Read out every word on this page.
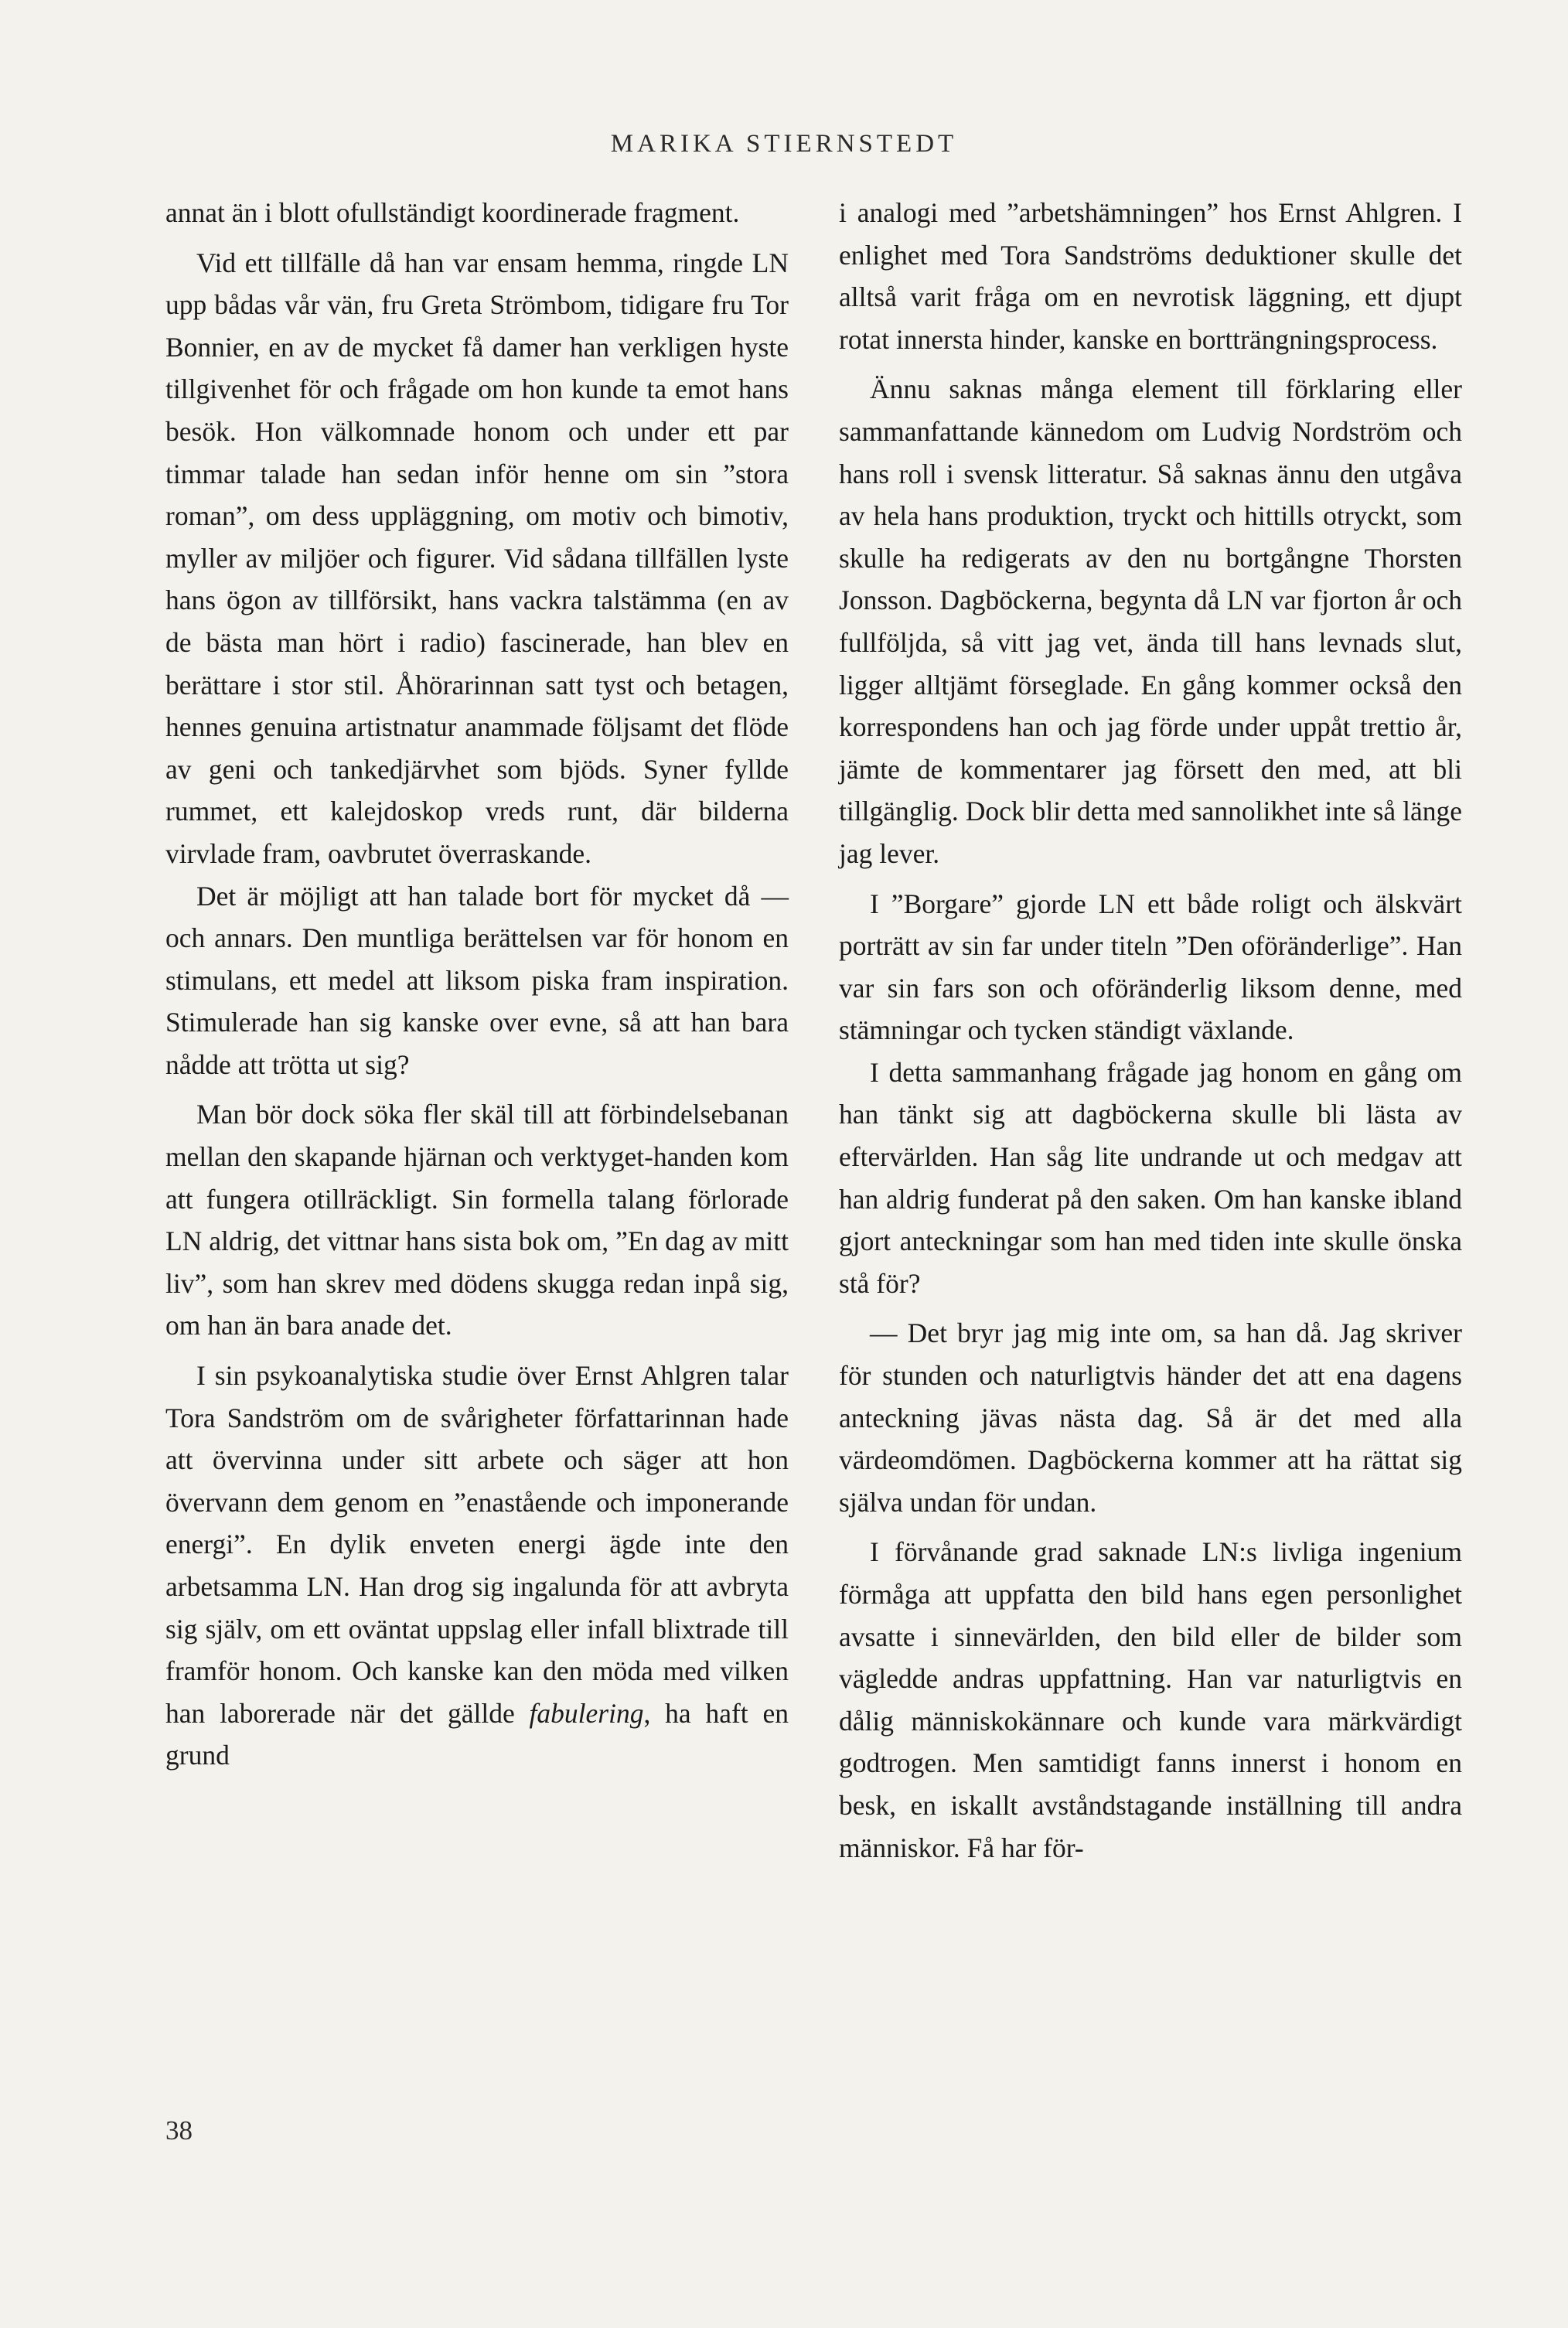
MARIKA STIERNSTEDT

annat än i blott ofullständigt koordinerade fragment.

Vid ett tillfälle då han var ensam hemma, ringde LN upp bådas vår vän, fru Greta Strömbom, tidigare fru Tor Bonnier, en av de mycket få damer han verkligen hyste tillgivenhet för och frågade om hon kunde ta emot hans besök. Hon välkomnade honom och under ett par timmar talade han sedan inför henne om sin ”stora roman”, om dess uppläggning, om motiv och bimotiv, myller av miljöer och figurer. Vid sådana tillfällen lyste hans ögon av tillförsikt, hans vackra talstämma (en av de bästa man hört i radio) fascinerade, han blev en berättare i stor stil. Åhörarinnan satt tyst och betagen, hennes genuina artistnatur anammade följsamt det flöde av geni och tankedjärvhet som bjöds. Syner fyllde rummet, ett kalejdoskop vreds runt, där bilderna virvlade fram, oavbrutet överraskande.

Det är möjligt att han talade bort för mycket då — och annars. Den muntliga berättelsen var för honom en stimulans, ett medel att liksom piska fram inspiration. Stimulerade han sig kanske over evne, så att han bara nådde att trötta ut sig?

Man bör dock söka fler skäl till att förbindelsebanan mellan den skapande hjärnan och verktyget-handen kom att fungera otillräckligt. Sin formella talang förlorade LN aldrig, det vittnar hans sista bok om, ”En dag av mitt liv”, som han skrev med dödens skugga redan inpå sig, om han än bara anade det.

I sin psykoanalytiska studie över Ernst Ahlgren talar Tora Sandström om de svårigheter författarinnan hade att övervinna under sitt arbete och säger att hon övervann dem genom en ”enastående och imponerande energi”. En dylik enveten energi ägde inte den arbetsamma LN. Han drog sig ingalunda för att avbryta sig själv, om ett oväntat uppslag eller infall blixtrade till framför honom. Och kanske kan den möda med vilken han laborerade när det gällde fabulering, ha haft en grund

i analogi med ”arbetshämningen” hos Ernst Ahlgren. I enlighet med Tora Sandströms deduktioner skulle det alltså varit fråga om en nevrotisk läggning, ett djupt rotat innersta hinder, kanske en bortträngningsprocess.

Ännu saknas många element till förklaring eller sammanfattande kännedom om Ludvig Nordström och hans roll i svensk litteratur. Så saknas ännu den utgåva av hela hans produktion, tryckt och hittills otryckt, som skulle ha redigerats av den nu bortgångne Thorsten Jonsson. Dagböckerna, begynta då LN var fjorton år och fullföljda, så vitt jag vet, ända till hans levnads slut, ligger alltjämt förseglade. En gång kommer också den korrespondens han och jag förde under uppåt trettio år, jämte de kommentarer jag försett den med, att bli tillgänglig. Dock blir detta med sannolikhet inte så länge jag lever.

I ”Borgare” gjorde LN ett både roligt och älskvärt porträtt av sin far under titeln ”Den oföränderlige”. Han var sin fars son och oföränderlig liksom denne, med stämningar och tycken ständigt växlande.

I detta sammanhang frågade jag honom en gång om han tänkt sig att dagböckerna skulle bli lästa av eftervärlden. Han såg lite undrande ut och medgav att han aldrig funderat på den saken. Om han kanske ibland gjort anteckningar som han med tiden inte skulle önska stå för?

— Det bryr jag mig inte om, sa han då. Jag skriver för stunden och naturligtvis händer det att ena dagens anteckning jävas nästa dag. Så är det med alla värdeomdömen. Dagböckerna kommer att ha rättat sig själva undan för undan.

I förvånande grad saknade LN:s livliga ingenium förmåga att uppfatta den bild hans egen personlighet avsatte i sinnevärlden, den bild eller de bilder som vägledde andras uppfattning. Han var naturligtvis en dålig människokännare och kunde vara märkvärdigt godtrogen. Men samtidigt fanns innerst i honom en besk, en iskallt avståndstagande inställning till andra människor. Få har för-

38
